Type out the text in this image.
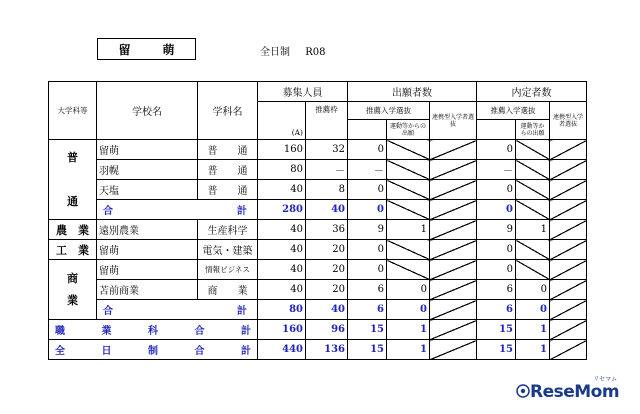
留　萌	全日制 R08
大学科等	学校名	学科名	募集人員		出願者数			内定者数		
			(A)	推薦枠	推薦入学選抜		連携型入学者選抜	推薦入学選抜		連携型入学者選抜
						運動等からの出願			運動等からの出願	
普

通	留萌	普　　通	160	32	0			0		
	羽幌	普　　通	80	－	－			－		
	天塩	普　　通	40	8	0			0		

	合 計		280	40	0			0		
農　業	遠別農業	生産科学	40	36	9	1		9	1	
工　業	留萌	電気・建築	40	20	0			0		
商
業	留萌	情報ビジネス	40	20	0			0		
	苫前商業	商　　業	40	20	6	0		6	0	

	合 計		80	40	6	0		6	0	

職 業 科 合 計			160	96	15	1		15	1	

全 日 制 合 計			440	136	15	1		15	1	
ReseMom
リセマム
